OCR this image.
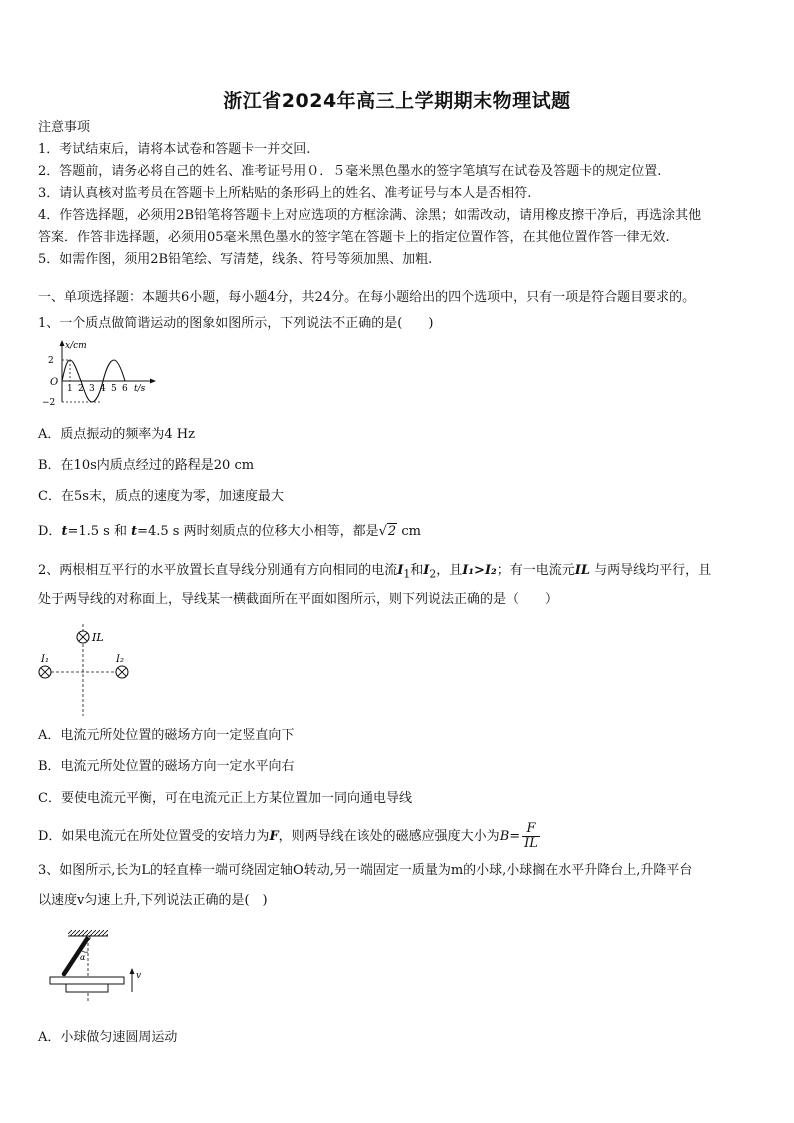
浙江省2024年高三上学期期末物理试题
注意事项
1．考试结束后，请将本试卷和答题卡一并交回.
2．答题前，请务必将自己的姓名、准考证号用０．５毫米黑色墨水的签字笔填写在试卷及答题卡的规定位置.
3．请认真核对监考员在答题卡上所粘贴的条形码上的姓名、准考证号与本人是否相符.
4．作答选择题，必须用2B铅笔将答题卡上对应选项的方框涂满、涂黑；如需改动，请用橡皮擦干净后，再选涂其他
答案．作答非选择题，必须用05毫米黑色墨水的签字笔在答题卡上的指定位置作答，在其他位置作答一律无效.
5．如需作图，须用2B铅笔绘、写清楚，线条、符号等须加黑、加粗.
一、单项选择题：本题共6小题，每小题4分，共24分。在每小题给出的四个选项中，只有一项是符合题目要求的。
1、一个质点做简谐运动的图象如图所示，下列说法不正确的是(　　)
x/cm
2
−2
O
1 2 3 4 5 6 t/s
A．质点振动的频率为4 Hz
B．在10s内质点经过的路程是20 cm
C．在5s末，质点的速度为零，加速度最大
D．t=1.5 s 和 t=4.5 s 两时刻质点的位移大小相等，都是√2 cm
2、两根相互平行的水平放置长直导线分别通有方向相同的电流$I_1$和$I_2$，且I₁>I₂；有一电流元IL 与两导线均平行，且
处于两导线的对称面上，导线某一横截面所在平面如图所示，则下列说法正确的是（　　）
IL
I₁	I₂
A．电流元所处位置的磁场方向一定竖直向下
B．电流元所处位置的磁场方向一定水平向右
C．要使电流元平衡，可在电流元正上方某位置加一同向通电导线
D．如果电流元在所处位置受的安培力为F，则两导线在该处的磁感应强度大小为$B= \frac{F}{IL}$
3、如图所示,长为L的轻直棒一端可绕固定轴O转动,另一端固定一质量为m的小球,小球搁在水平升降台上,升降平台
以速度v匀速上升,下列说法正确的是(　)
α
v
A．小球做匀速圆周运动
